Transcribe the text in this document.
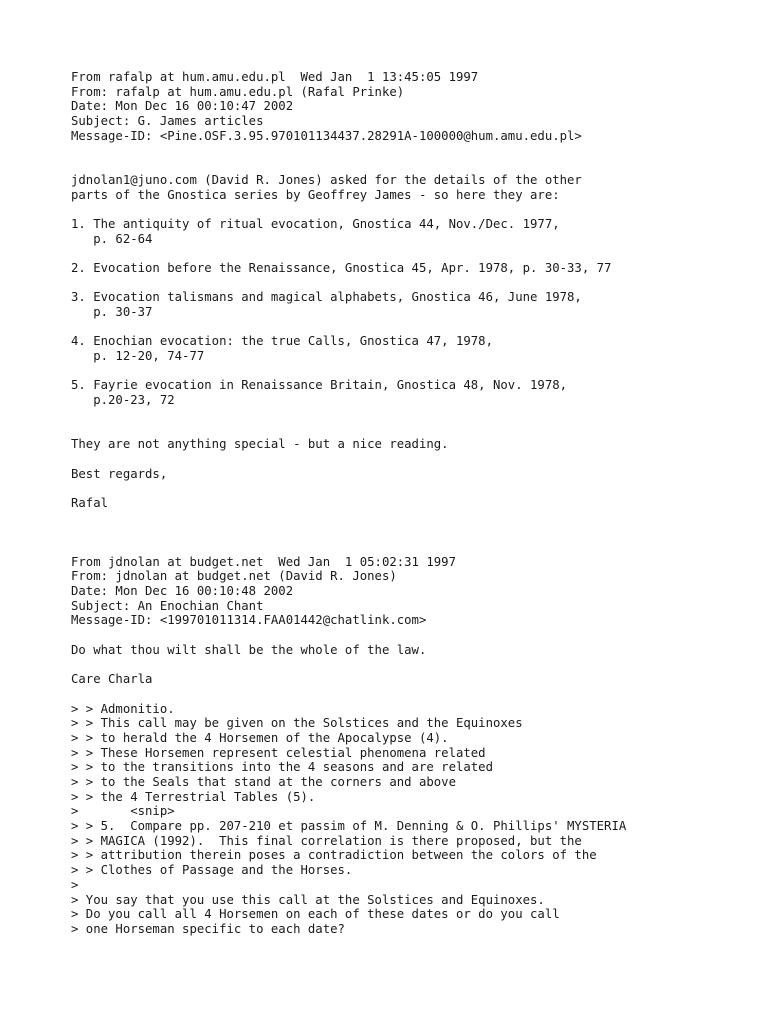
From rafalp at hum.amu.edu.pl  Wed Jan  1 13:45:05 1997
From: rafalp at hum.amu.edu.pl (Rafal Prinke)
Date: Mon Dec 16 00:10:47 2002
Subject: G. James articles
Message-ID: <Pine.OSF.3.95.970101134437.28291A-100000@hum.amu.edu.pl>
jdnolan1@juno.com (David R. Jones) asked for the details of the other
parts of the Gnostica series by Geoffrey James - so here they are:
1. The antiquity of ritual evocation, Gnostica 44, Nov./Dec. 1977,
p. 62-64
2. Evocation before the Renaissance, Gnostica 45, Apr. 1978, p. 30-33, 77
3. Evocation talismans and magical alphabets, Gnostica 46, June 1978,
p. 30-37
4. Enochian evocation: the true Calls, Gnostica 47, 1978,
p. 12-20, 74-77
5. Fayrie evocation in Renaissance Britain, Gnostica 48, Nov. 1978,
p.20-23, 72
They are not anything special - but a nice reading.
Best regards,
Rafal
From jdnolan at budget.net  Wed Jan  1 05:02:31 1997
From: jdnolan at budget.net (David R. Jones)
Date: Mon Dec 16 00:10:48 2002
Subject: An Enochian Chant
Message-ID: <199701011314.FAA01442@chatlink.com>
Do what thou wilt shall be the whole of the law.
Care Charla
> > Admonitio.
> > This call may be given on the Solstices and the Equinoxes
> > to herald the 4 Horsemen of the Apocalypse (4).
> > These Horsemen represent celestial phenomena related
> > to the transitions into the 4 seasons and are related
> > to the Seals that stand at the corners and above
> > the 4 Terrestrial Tables (5).
>       <snip>
> > 5.  Compare pp. 207-210 et passim of M. Denning & O. Phillips' MYSTERIA
> > MAGICA (1992).  This final correlation is there proposed, but the
> > attribution therein poses a contradiction between the colors of the
> > Clothes of Passage and the Horses.
>
> You say that you use this call at the Solstices and Equinoxes.
> Do you call all 4 Horsemen on each of these dates or do you call
> one Horseman specific to each date?
